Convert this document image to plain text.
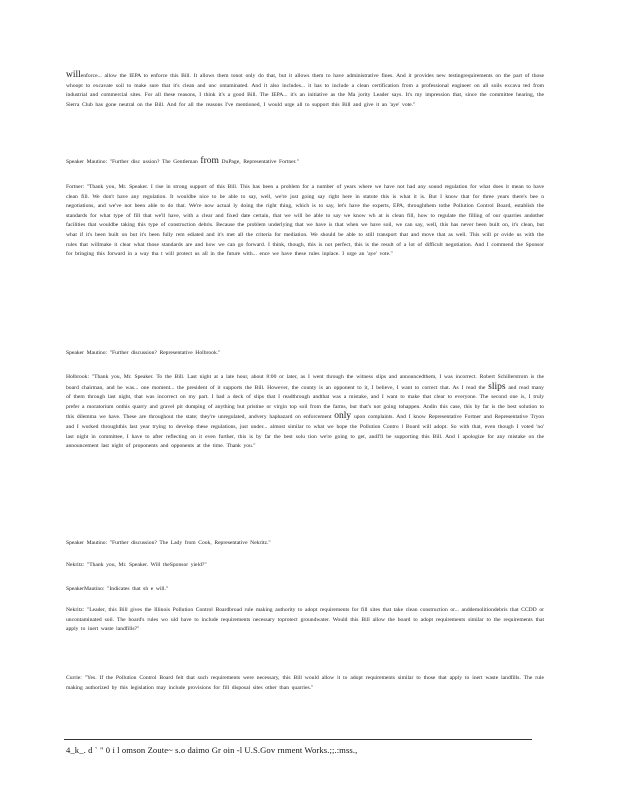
willenforce... allow the IEPA to enforce this Bill. It allows them tonot only do that, but it allows them to have administrative fines. And it provides new testingrequirements on the part of those whoopt to excavate soil to make sure that it's clean and unc ontaminated. And it also includes... it has to include a clean certification from a professional engineer on all soils excava ted from industrial and commercial sites. For all these reasons, I think it's a good Bill. The IEPA... it's an initiative as the Ma jority Leader says. It's my impression that, since the committee hearing, the Sierra Club has gone neutral on the Bill. And for all the reasons I've mentioned, I would urge all to support this Bill and give it an 'aye' vote."
Speaker Mautino: "Further disc ussion? The Gentleman from DuPage, Representative Fortner."
Fortner: "Thank you, Mr. Speaker. I rise in strong support of this Bill. This has been a problem for a number of years where we have not had any sound regulation for what does it mean to have clean fill. We don't have any regulation. It wouldbe nice to be able to say, well, we're just going say right here in statute this is what it is. But I know that for three years there's bee n negotiations, and we've not been able to do that. We're now actual ly doing the right thing, which is to say, let's have the experts, EPA, throughthem tothe Pollution Control Board, establish the standards for what type of fill that we'll have, with a clear and fixed date certain, that we will be able to say we know wh at is clean fill, how to regulate the filling of our quarries andother facilities that wouldbe taking this type of construction debris. Because the problem underlying that we have is that when we have soil, we can say, well, this has never been built on, it's clean, but what if it's been built on but it's been fully rem ediated and it's met all the criteria for mediation. We should be able to still transport that and move that as well. This will pr ovide us with the rules that willmake it clear what those standards are and how we can go forward. I think, though, this is not perfect, this is the result of a lot of difficult negotiation. And I commend the Sponsor for bringing this forward in a way tha t will protect us all in the future with... ence we have these rules inplace. I urge an 'aye' vote."
Speaker Mautino: "Further discussion? Representative Holbrook."
Holbrook: "Thank you, Mr. Speaker. To the Bill. Last night at a late hour, about 8:00 or later, as I went through the witness slips and announcedthem, I was incorrect. Robert Schillerstrom is the board chairman, and he was... one moment... the president of it supports the Bill. However, the county is an opponent to it, I believe, I want to correct that. As I read the slips and read many of them through last night, that was incorrect on my part. I had a deck of slips that I readthrough andthat was a mistake, and I want to make that clear to everyone. The second one is, I truly prefer a moratorium onthis quarry and gravel pit dumping of anything but pristine or virgin top soil from the farms, but that's not going tohappen. Andin this case, this by far is the best solution to this dilemma we have. These are throughout the state; they're unregulated, andvery haphazard on enforcement only upon complaints. And I know Representative Fortner and Representative Tryon and I worked throughthis last year trying to develop these regulations, just under... almost similar to what we hope the Pollution Contro l Board will adopt. So with that, even though I voted 'no' last night in committee, I have to after reflecting on it even further, this is by far the best solu tion we're going to get, andI'll be supporting this Bill. And I apologize for any mistake on the announcement last night of proponents and opponents at the time. Thank you."
Speaker Mautino: "Further discussion? The Lady from Cook, Representative Nekritz."
Nekritz: "Thank you, Mr. Speaker. Will theSponsor yield?"
SpeakerMautino: "Indicates that sh e will."
Nekritz: "Leader, this Bill gives the Illinois Pollution Control Boardbroad rule making authority to adopt requirements for fill sites that take clean construction or... anddemolitiondebris that CCDD or uncontaminated soil. The board's rules wo uld have to include requirements necessary toprotect groundwater. Would this Bill allow the board to adopt requirements similar to the requirements that apply to inert waste landfills?"
Currie: "Yes. If the Pollution Control Board felt that such requirements were necessary, this Bill would allow it to adopt requirements similar to those that apply to inert waste landfills. The rule making authorized by this legislation may include provisions for fill disposal sites other than quarries."
4_k_. d ` " 0 i l omson Zoute~ s.o daimo Gr oin -l U.S.Gov rnment Works.;;.:mss.,
